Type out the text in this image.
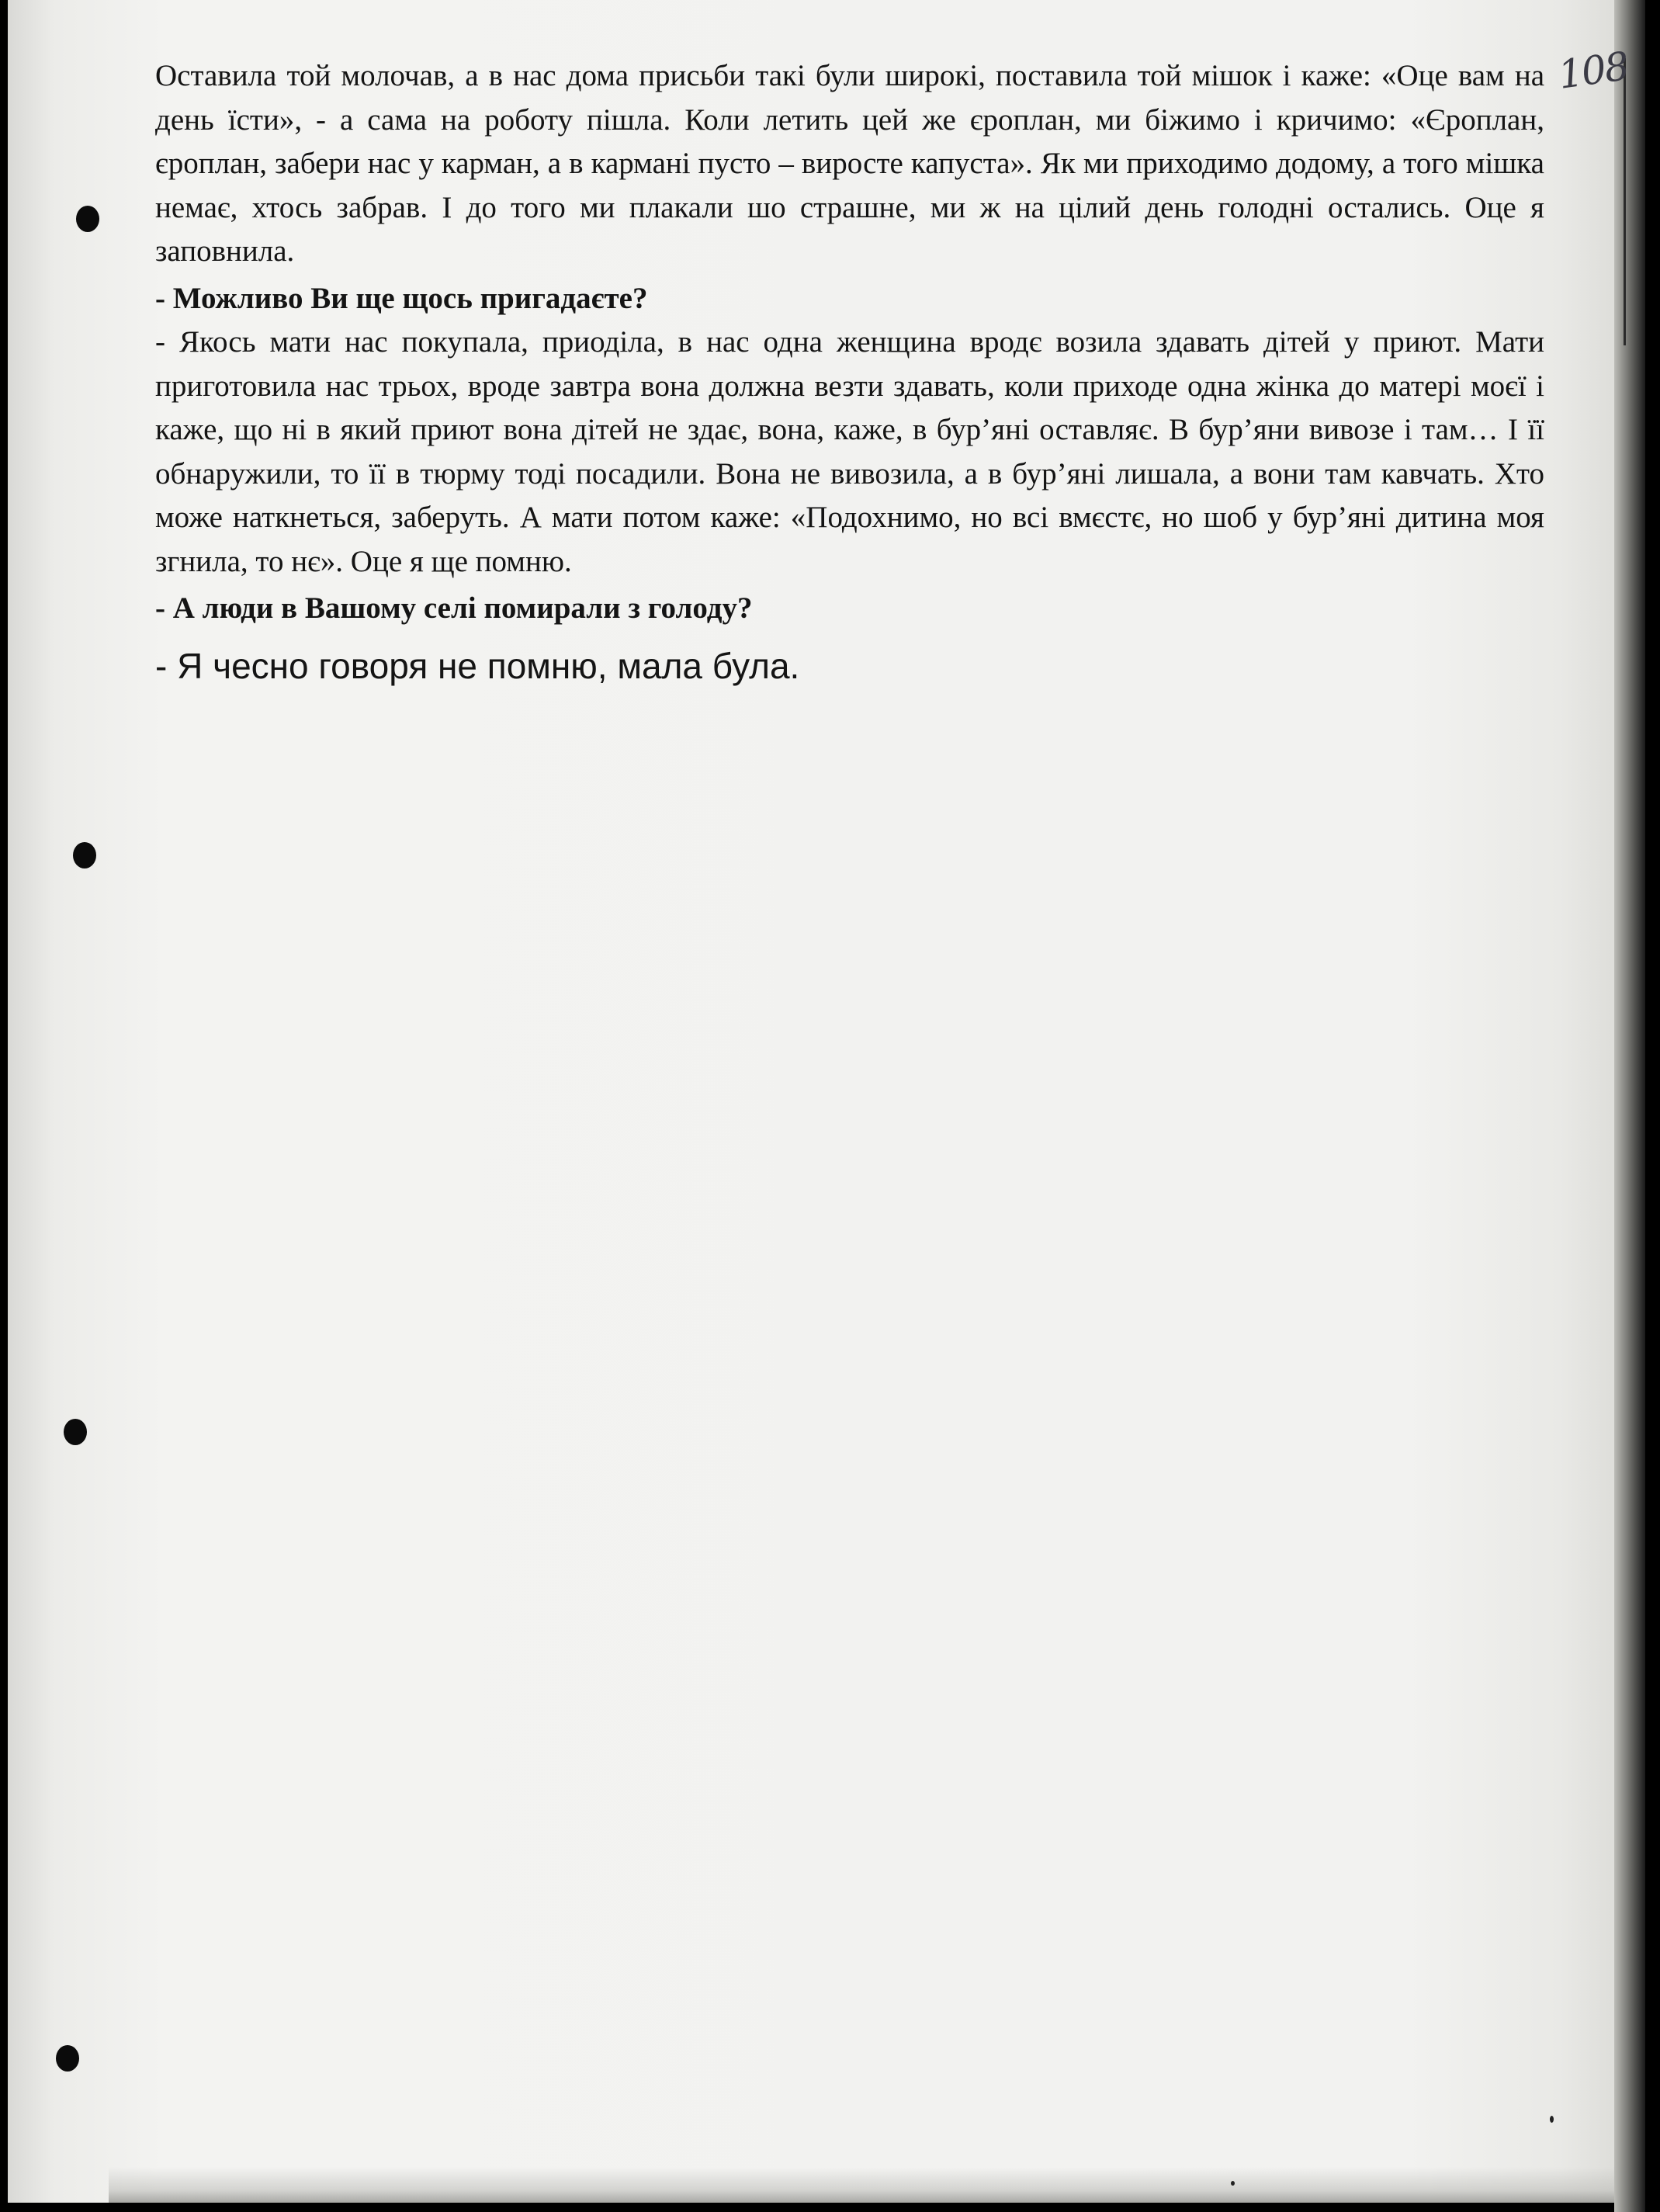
108

Оставила той молочав, а в нас дома присьби такі були широкі, поставила той мішок і каже: «Оце вам на день їсти», - а сама на роботу пішла. Коли летить цей же єроплан, ми біжимо і кричимо: «Єроплан, єроплан, забери нас у карман, а в кармані пусто – виросте капуста». Як ми приходимо додому, а того мішка немає, хтось забрав. І до того ми плакали шо страшне, ми ж на цілий день голодні остались. Оце я заповнила.

- Можливо Ви ще щось пригадаєте?

- Якось мати нас покупала, приоділа, в нас одна женщина вродє возила здавать дітей у приют. Мати приготовила нас трьох, вроде завтра вона должна везти здавать, коли приходе одна жінка до матері моєї і каже, що ні в який приют вона дітей не здає, вона, каже, в бур’яні оставляє. В бур’яни вивозе і там… І її обнаружили, то її в тюрму тоді посадили. Вона не вивозила, а в бур’яні лишала, а вони там кавчать. Хто може наткнеться, заберуть. А мати потом каже: «Подохнимо, но всі вмєстє, но шоб у бур’яні дитина моя згнила, то нє». Оце я ще помню.

- А люди в Вашому селі помирали з голоду?

- Я чесно говоря не помню, мала була.
